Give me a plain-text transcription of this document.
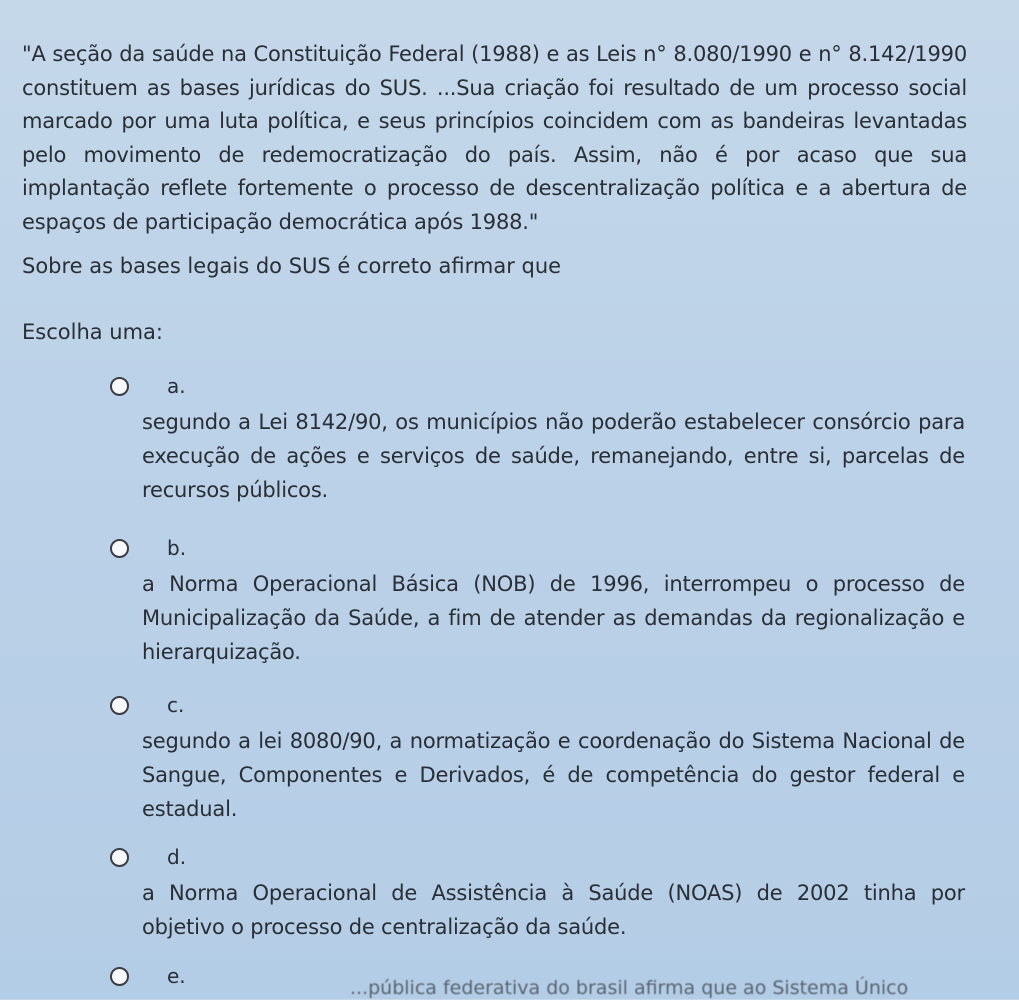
"A seção da saúde na Constituição Federal (1988) e as Leis n° 8.080/1990 e n° 8.142/1990 constituem as bases jurídicas do SUS. ...Sua criação foi resultado de um processo social marcado por uma luta política, e seus princípios coincidem com as bandeiras levantadas pelo movimento de redemocratização do país. Assim, não é por acaso que sua implantação reflete fortemente o processo de descentralização política e a abertura de espaços de participação democrática após 1988."

Sobre as bases legais do SUS é correto afirmar que
Escolha uma:
a.
segundo a Lei 8142/90, os municípios não poderão estabelecer consórcio para execução de ações e serviços de saúde, remanejando, entre si, parcelas de recursos públicos.
b.
a Norma Operacional Básica (NOB) de 1996, interrompeu o processo de Municipalização da Saúde, a fim de atender as demandas da regionalização e hierarquização.
c.
segundo a lei 8080/90, a normatização e coordenação do Sistema Nacional de Sangue, Componentes e Derivados, é de competência do gestor federal e estadual.
d.
a Norma Operacional de Assistência à Saúde (NOAS) de 2002 tinha por objetivo o processo de centralização da saúde.
e.	...pública federativa do brasil afirma que ao Sistema Único
